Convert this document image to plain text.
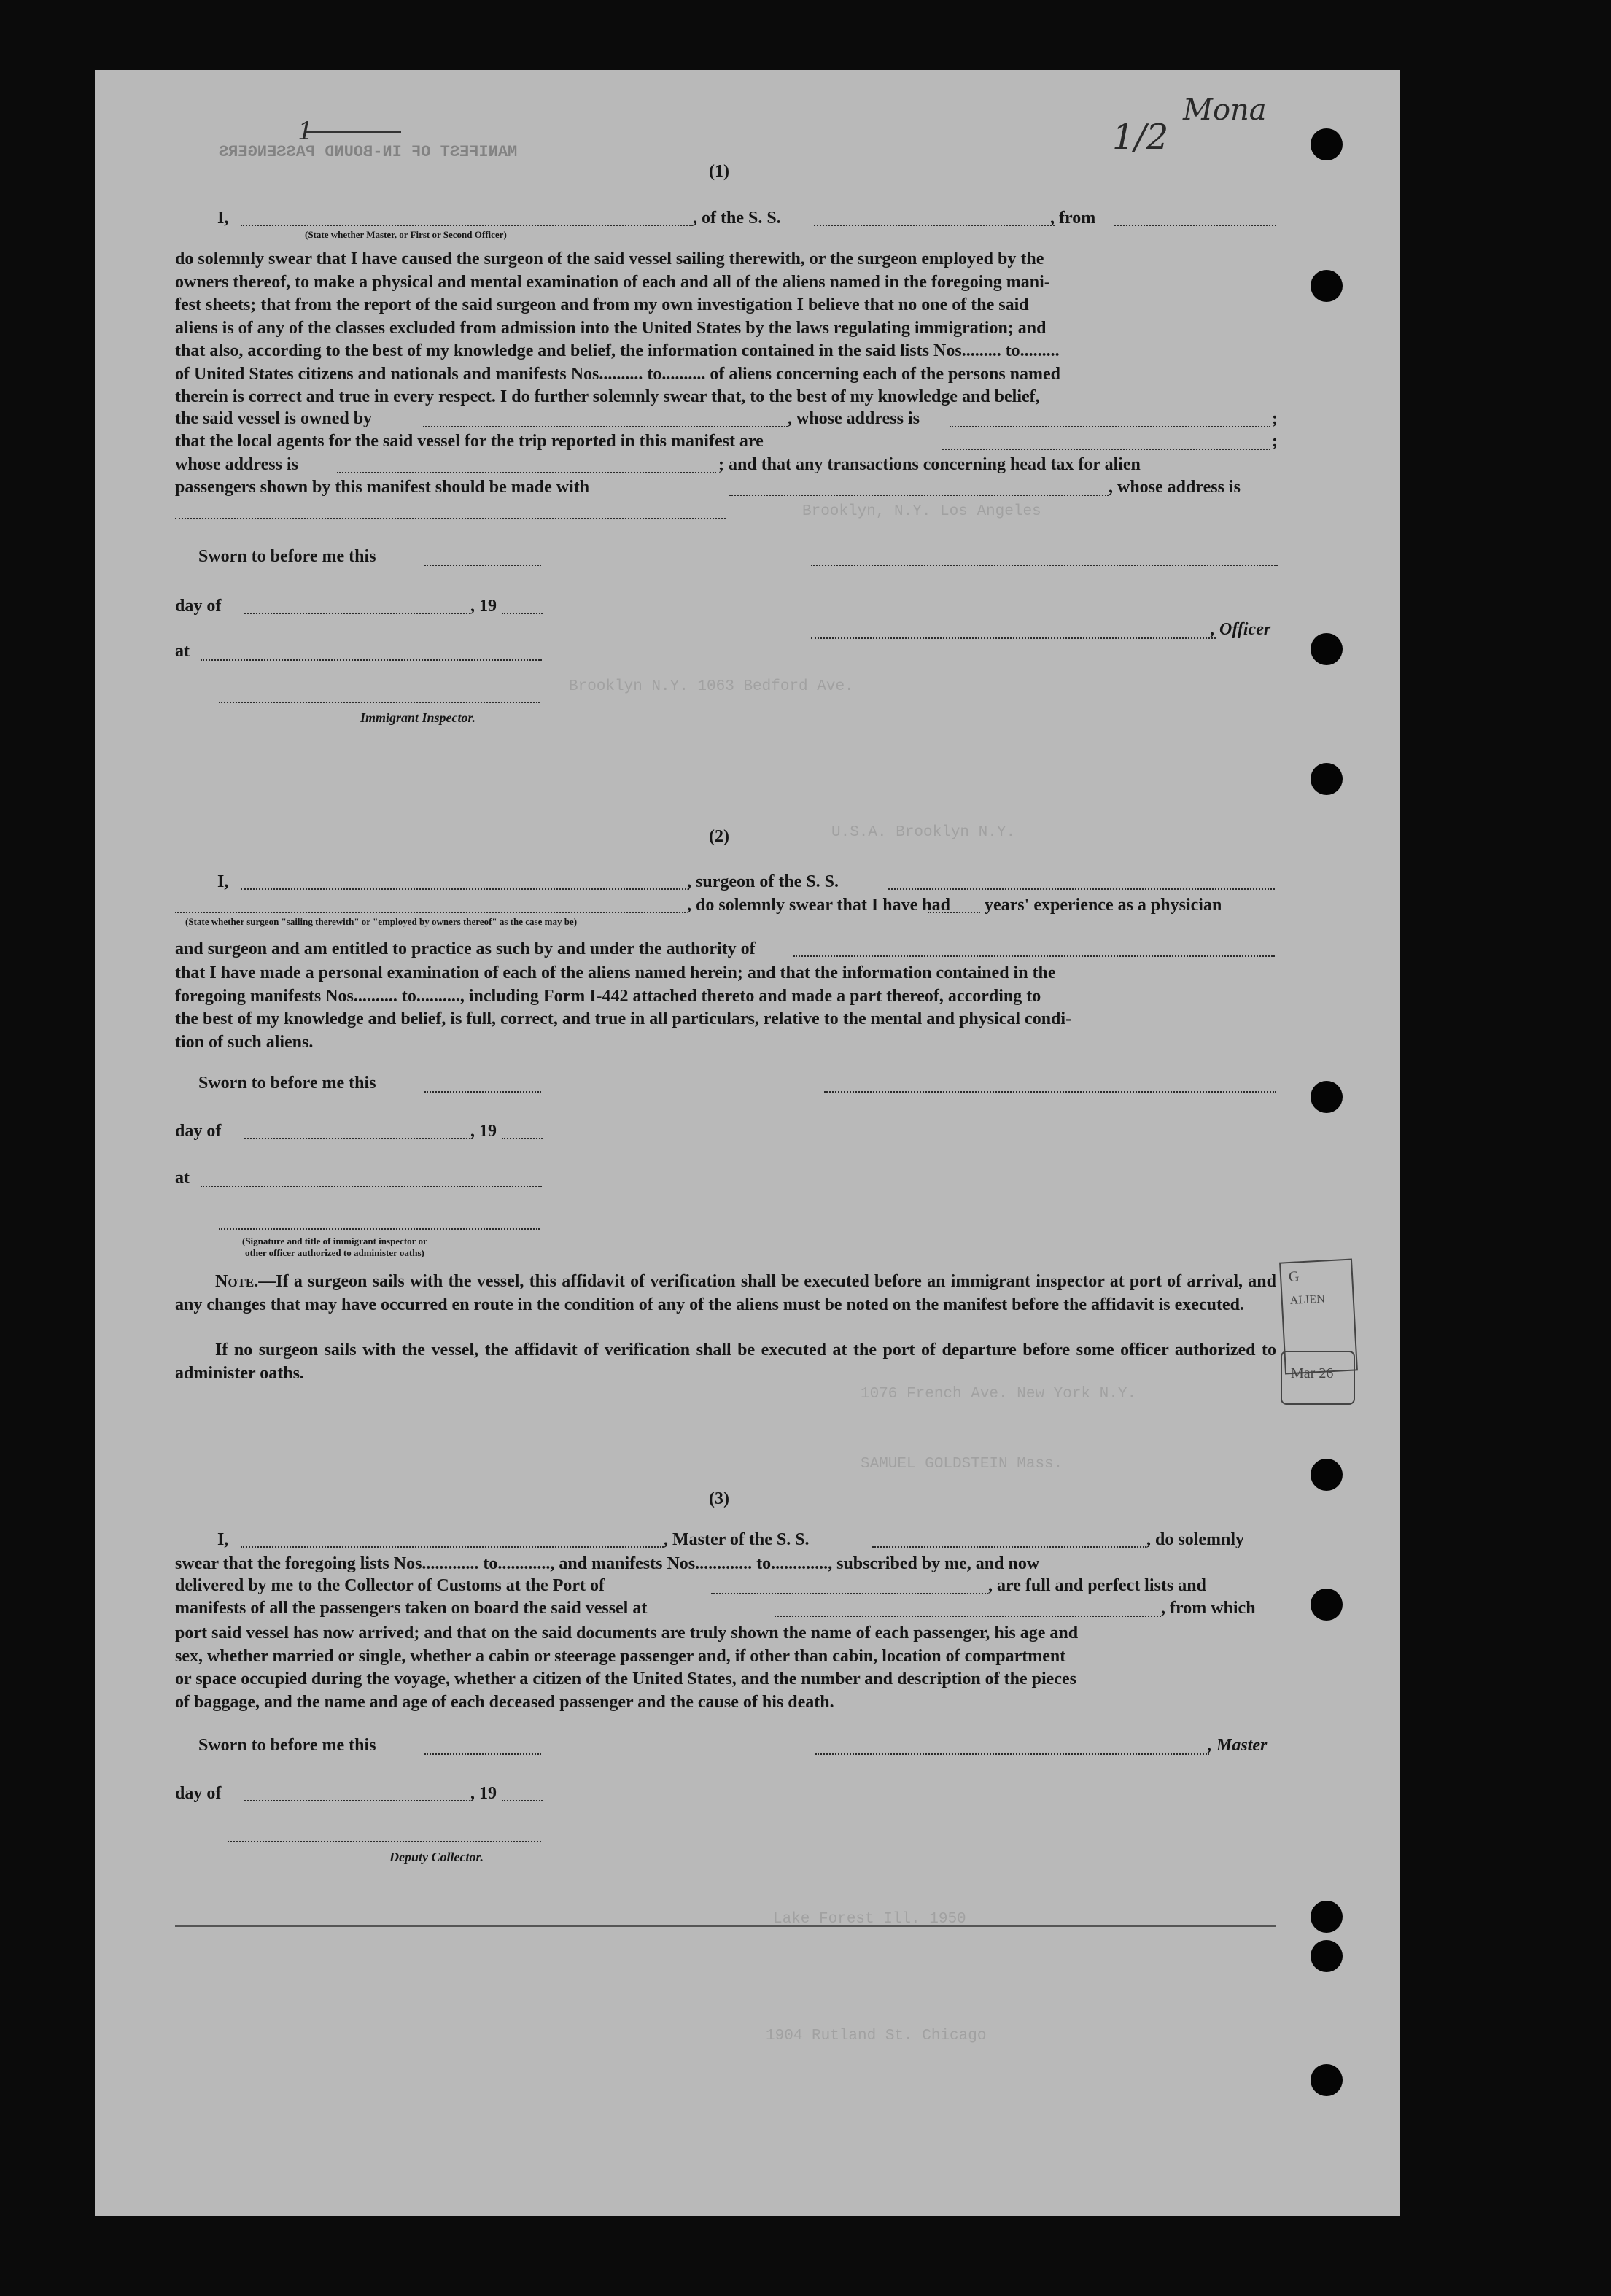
MANIFEST OF IN-BOUND PASSENGERS
1	1/2
Mona
Brooklyn, N.Y. Los Angeles
Brooklyn N.Y. 1063 Bedford Ave.
U.S.A. Brooklyn N.Y.
1076 French Ave. New York N.Y.
SAMUEL GOLDSTEIN Mass.
Lake Forest Ill. 1950
1904 Rutland St. Chicago
(1)
I,	, of the S. S.	, from
(State whether Master, or First or Second Officer)
do solemnly swear that I have caused the surgeon of the said vessel sailing therewith, or the surgeon employed by the
owners thereof, to make a physical and mental examination of each and all of the aliens named in the foregoing mani-
fest sheets; that from the report of the said surgeon and from my own investigation I believe that no one of the said
aliens is of any of the classes excluded from admission into the United States by the laws regulating immigration; and
that also, according to the best of my knowledge and belief, the information contained in the said lists Nos......... to.........
of United States citizens and nationals and manifests Nos.......... to.......... of aliens concerning each of the persons named
therein is correct and true in every respect. I do further solemnly swear that, to the best of my knowledge and belief,
the said vessel is owned by	, whose address is	;
that the local agents for the said vessel for the trip reported in this manifest are	;
whose address is	; and that any transactions concerning head tax for alien
passengers shown by this manifest should be made with	, whose address is
Sworn to before me this
day of	, 19
, Officer
at
Immigrant Inspector.
(2)
I,	, surgeon of the S. S.
, do solemnly swear that I have had years' experience as a physician
(State whether surgeon "sailing therewith" or "employed by owners thereof" as the case may be)
and surgeon and am entitled to practice as such by and under the authority of
that I have made a personal examination of each of the aliens named herein; and that the information contained in the
foregoing manifests Nos.......... to.........., including Form I-442 attached thereto and made a part thereof, according to
the best of my knowledge and belief, is full, correct, and true in all particulars, relative to the mental and physical condi-
tion of such aliens.
Sworn to before me this
day of	, 19
at
(Signature and title of immigrant inspector or
other officer authorized to administer oaths)
Note.—If a surgeon sails with the vessel, this affidavit of verification shall be executed before an immigrant inspector at port of arrival, and any changes that may have occurred en route in the condition of any of the aliens must be noted on the manifest before the affidavit is executed.
If no surgeon sails with the vessel, the affidavit of verification shall be executed at the port of departure before some officer authorized to administer oaths.
(3)
I,	, Master of the S. S.	, do solemnly
swear that the foregoing lists Nos............. to............, and manifests Nos............. to............., subscribed by me, and now
delivered by me to the Collector of Customs at the Port of	, are full and perfect lists and
manifests of all the passengers taken on board the said vessel at	, from which
port said vessel has now arrived; and that on the said documents are truly shown the name of each passenger, his age and
sex, whether married or single, whether a cabin or steerage passenger and, if other than cabin, location of compartment
or space occupied during the voyage, whether a citizen of the United States, and the number and description of the pieces
of baggage, and the name and age of each deceased passenger and the cause of his death.
Sworn to before me this	, Master
day of	, 19
Deputy Collector.
G
ALIEN
Mar 26
